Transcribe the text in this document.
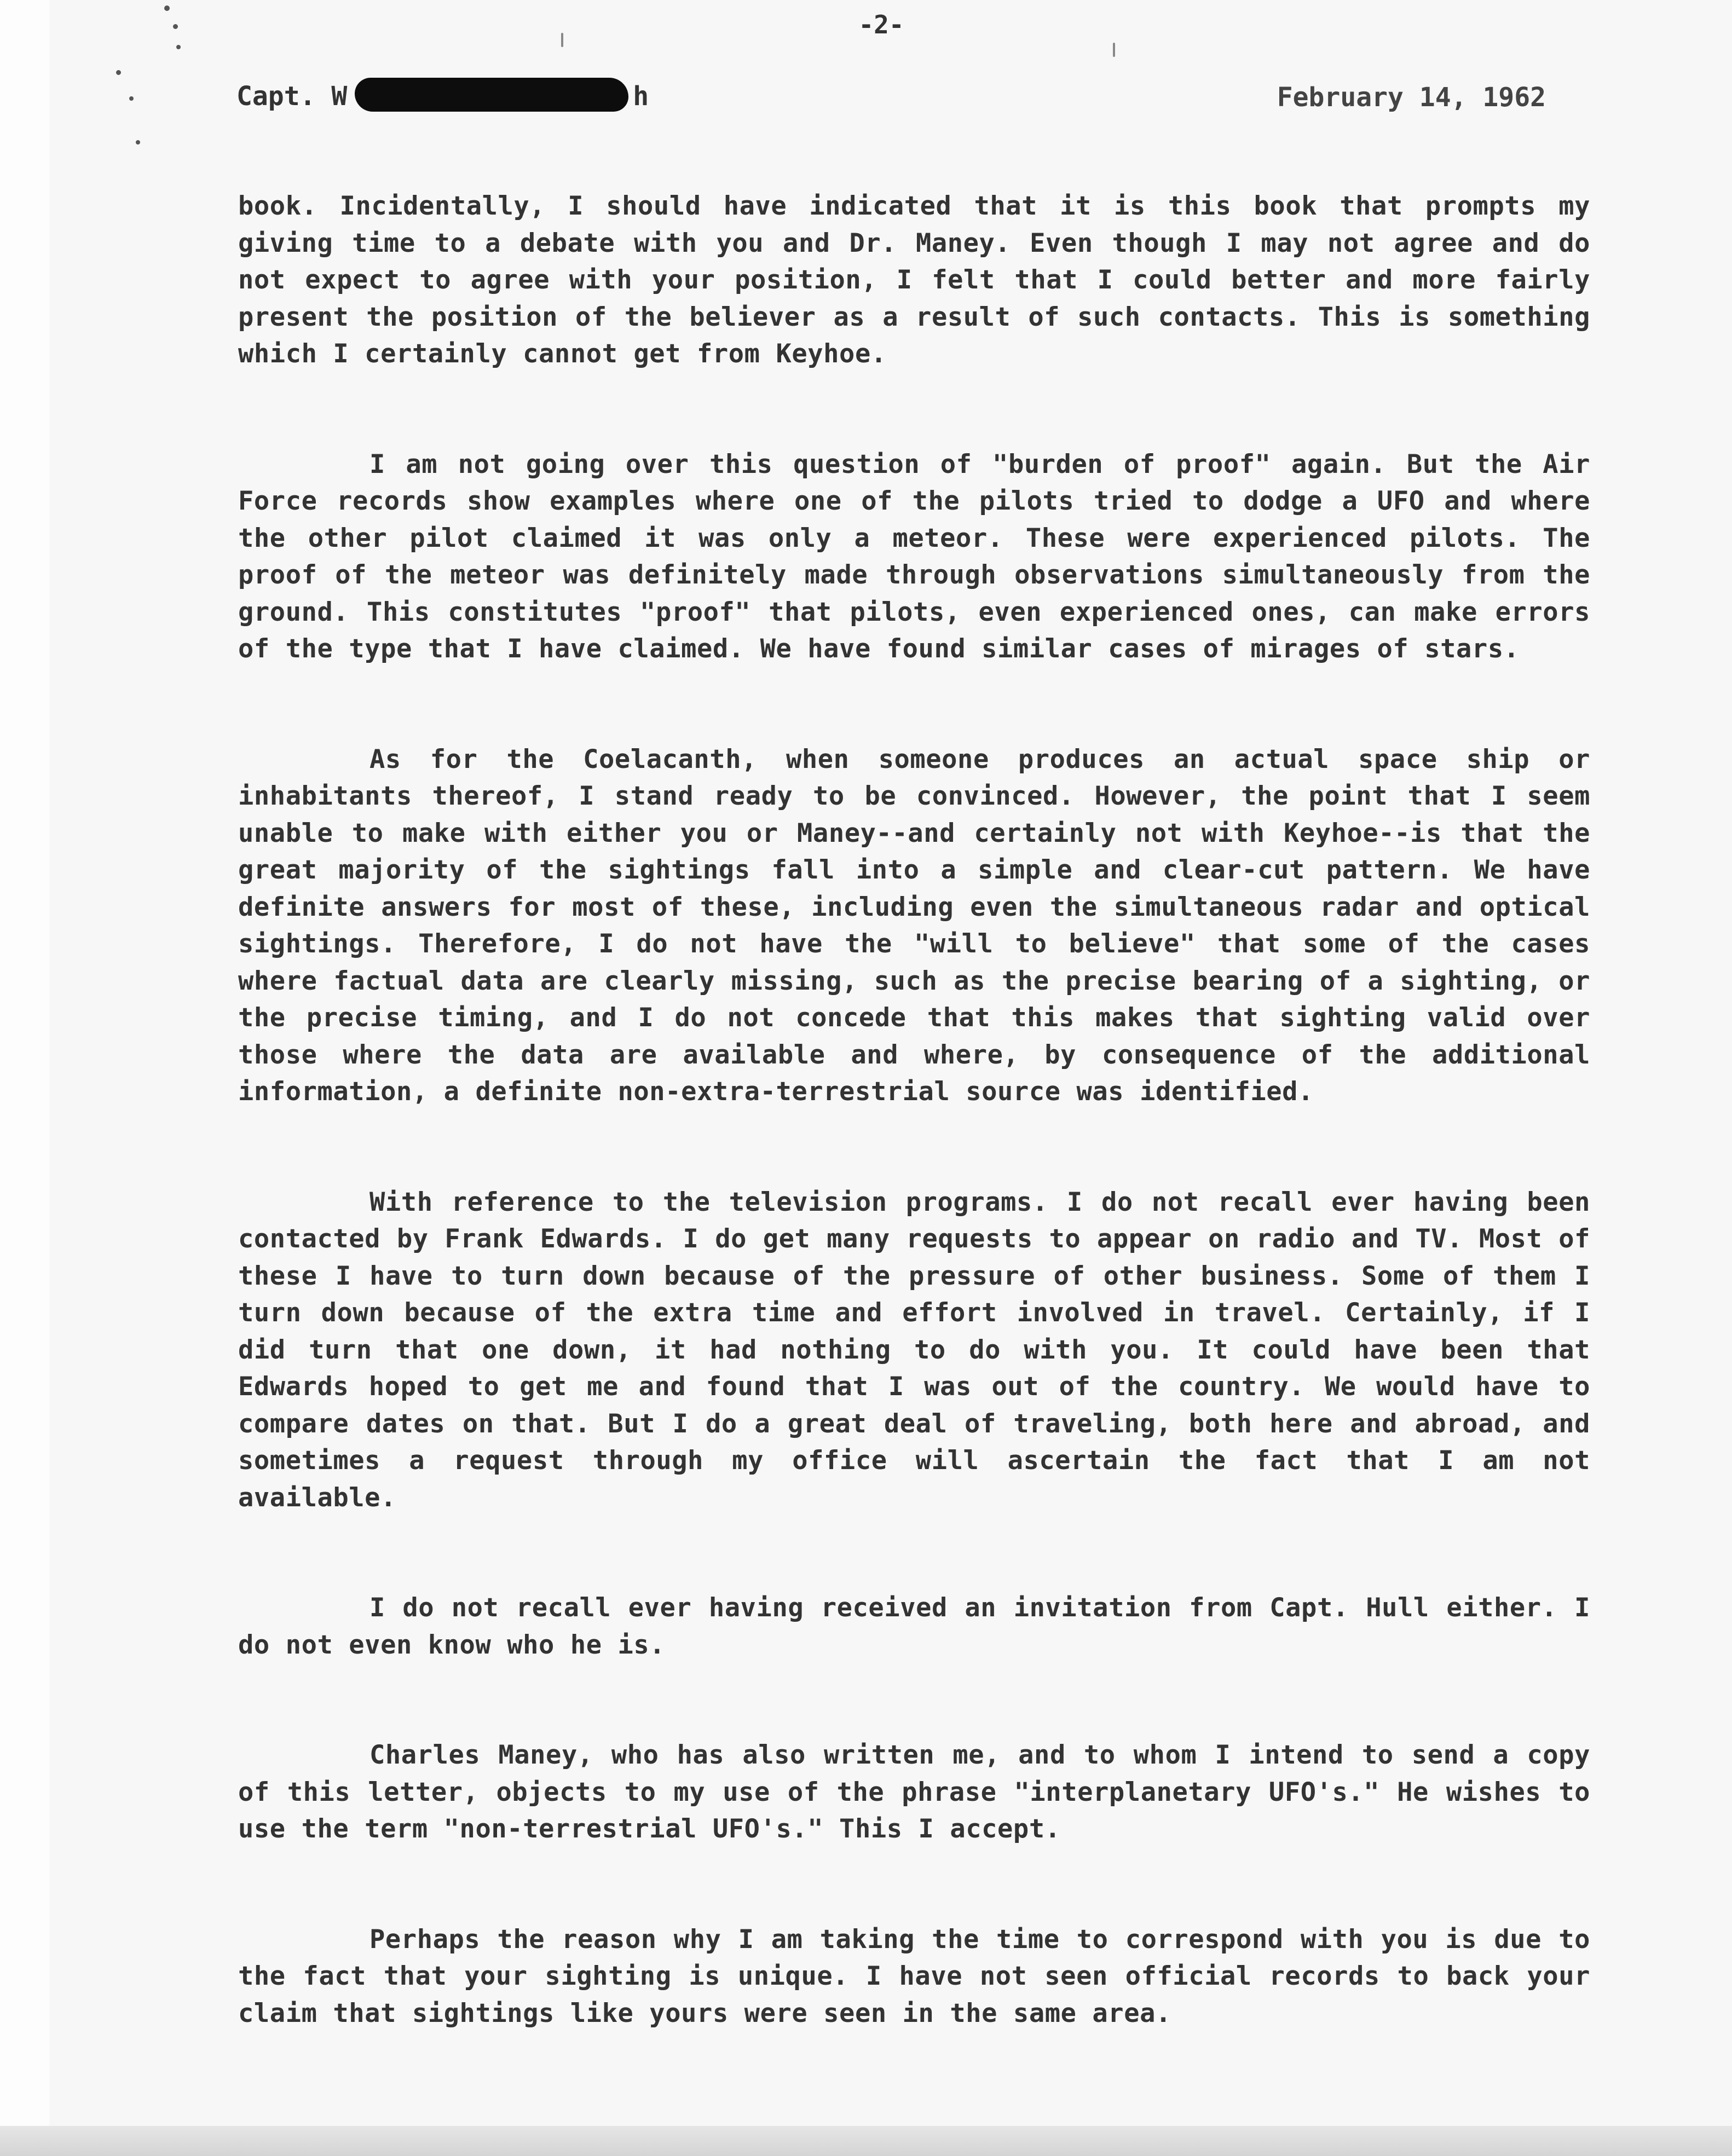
-2-
Capt. W	h	February 14, 1962

book. Incidentally, I should have indicated that it is this book that prompts my giving time to a debate with you and Dr. Maney. Even though I may not agree and do not expect to agree with your position, I felt that I could better and more fairly present the position of the believer as a result of such contacts. This is something which I certainly cannot get from Keyhoe.

I am not going over this question of "burden of proof" again. But the Air Force records show examples where one of the pilots tried to dodge a UFO and where the other pilot claimed it was only a meteor. These were experienced pilots. The proof of the meteor was definitely made through observations simultaneously from the ground. This constitutes "proof" that pilots, even experienced ones, can make errors of the type that I have claimed. We have found similar cases of mirages of stars.

As for the Coelacanth, when someone produces an actual space ship or inhabitants thereof, I stand ready to be convinced. However, the point that I seem unable to make with either you or Maney--and certainly not with Keyhoe--is that the great majority of the sightings fall into a simple and clear-cut pattern. We have definite answers for most of these, including even the simultaneous radar and optical sightings. Therefore, I do not have the "will to believe" that some of the cases where factual data are clearly missing, such as the precise bearing of a sighting, or the precise timing, and I do not concede that this makes that sighting valid over those where the data are available and where, by consequence of the additional information, a definite non-extra-terrestrial source was identified.

With reference to the television programs. I do not recall ever having been contacted by Frank Edwards. I do get many requests to appear on radio and TV. Most of these I have to turn down because of the pressure of other business. Some of them I turn down because of the extra time and effort involved in travel. Certainly, if I did turn that one down, it had nothing to do with you. It could have been that Edwards hoped to get me and found that I was out of the country. We would have to compare dates on that. But I do a great deal of traveling, both here and abroad, and sometimes a request through my office will ascertain the fact that I am not available.

I do not recall ever having received an invitation from Capt. Hull either. I do not even know who he is.

Charles Maney, who has also written me, and to whom I intend to send a copy of this letter, objects to my use of the phrase "interplanetary UFO's." He wishes to use the term "non-terrestrial UFO's." This I accept.

Perhaps the reason why I am taking the time to correspond with you is due to the fact that your sighting is unique. I have not seen official records to back your claim that sightings like yours were seen in the same area.
